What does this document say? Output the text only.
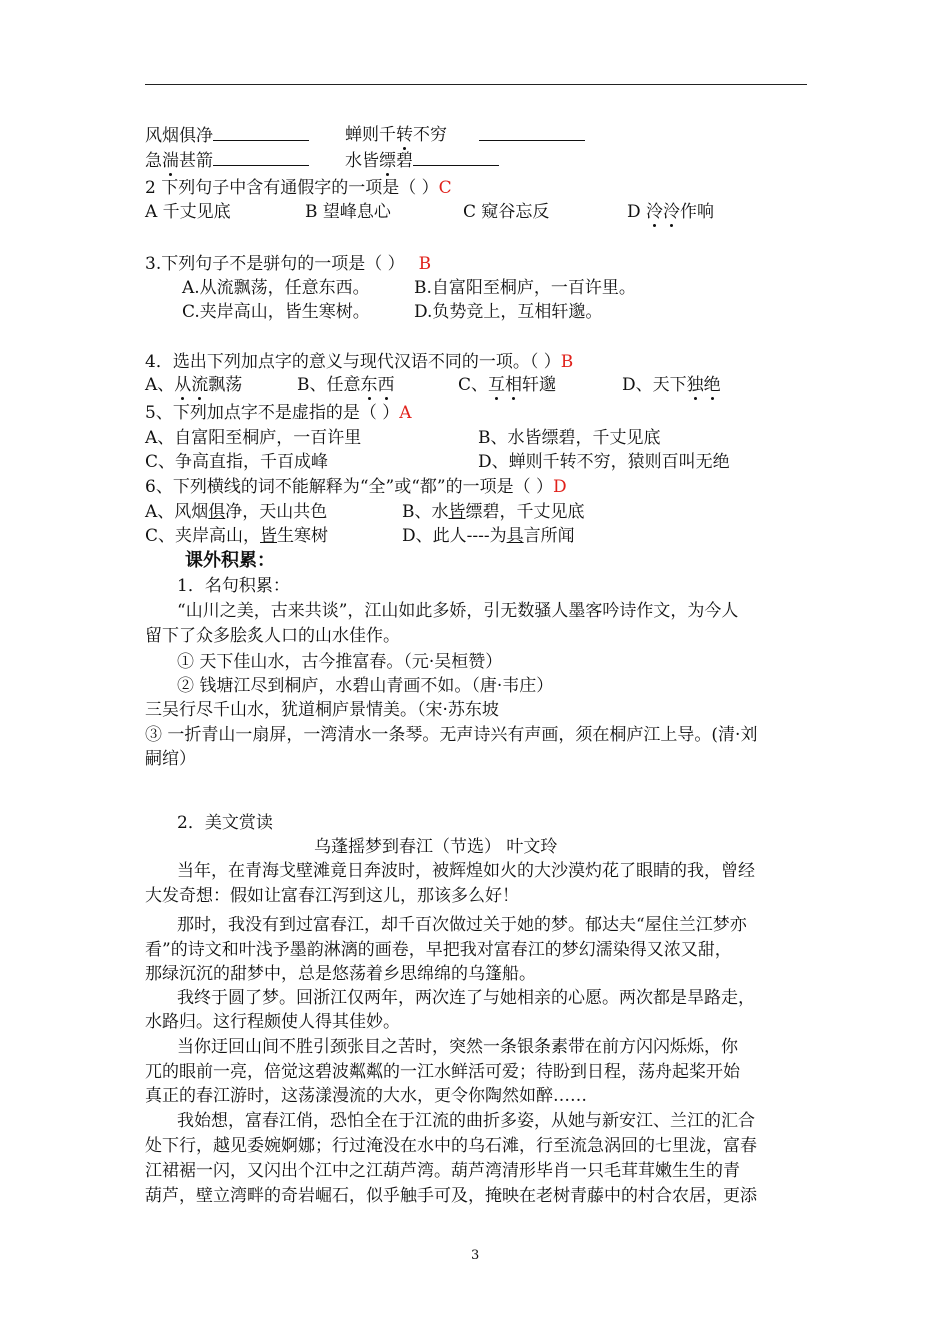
风烟俱净	蝉则千转不穷
急湍甚箭	水皆缥碧
2 下列句子中含有通假字的一项是（ ）C
A 千丈见底	B 望峰息心	C 窥谷忘反	D 泠泠作响
3.下列句子不是骈句的一项是（ ） B
A.从流飘荡，任意东西。	B.自富阳至桐庐，一百许里。
C.夹岸高山，皆生寒树。	D.负势竞上，互相轩邈。
4．选出下列加点字的意义与现代汉语不同的一项。（ ）B
A、从流飘荡	B、任意东西	C、互相轩邈	D、天下独绝
5、下列加点字不是虚指的是（ ）A
A、自富阳至桐庐，一百许里	B、水皆缥碧，千丈见底
C、争高直指，千百成峰	D、蝉则千转不穷，猿则百叫无绝
6、下列横线的词不能解释为“全”或“都”的一项是（ ）D
A、风烟俱净，天山共色	B、水皆缥碧，千丈见底
C、夹岸高山，皆生寒树	D、此人----为具言所闻
课外积累：
1．名句积累：
“山川之美，古来共谈”，江山如此多娇，引无数骚人墨客吟诗作文，为今人
留下了众多脍炙人口的山水佳作。
① 天下佳山水，古今推富春。（元·吴桓赞）
② 钱塘江尽到桐庐，水碧山青画不如。（唐·韦庄）
三吴行尽千山水，犹道桐庐景情美。（宋·苏东坡
③ 一折青山一扇屏，一湾清水一条琴。无声诗兴有声画，须在桐庐江上导。(清·刘
嗣绾）
2．美文赏读
乌蓬摇梦到春江（节选） 叶文玲
当年，在青海戈壁滩竟日奔波时，被辉煌如火的大沙漠灼花了眼睛的我，曾经
大发奇想：假如让富春江泻到这儿，那该多么好！
那时，我没有到过富春江，却千百次做过关于她的梦。郁达夫“屋住兰江梦亦
看”的诗文和叶浅予墨韵淋漓的画卷，早把我对富春江的梦幻濡染得又浓又甜，
那绿沉沉的甜梦中，总是悠荡着乡思绵绵的乌篷船。
我终于圆了梦。回浙江仅两年，两次连了与她相亲的心愿。两次都是旱路走，
水路归。这行程颇使人得其佳妙。
当你迂回山间不胜引颈张目之苦时，突然一条银条素带在前方闪闪烁烁，你
兀的眼前一亮，倍觉这碧波粼粼的一江水鲜活可爱；待盼到日程，荡舟起桨开始
真正的春江游时，这荡漾漫流的大水，更令你陶然如醉……
我始想，富春江俏，恐怕全在于江流的曲折多姿，从她与新安江、兰江的汇合
处下行，越见委婉婀娜；行过淹没在水中的乌石滩，行至流急涡回的七里泷，富春
江裙裾一闪，又闪出个江中之江葫芦湾。葫芦湾清形毕肖一只毛茸茸嫩生生的青
葫芦，壁立湾畔的奇岩崛石，似乎触手可及，掩映在老树青藤中的村合农居，更添
3
